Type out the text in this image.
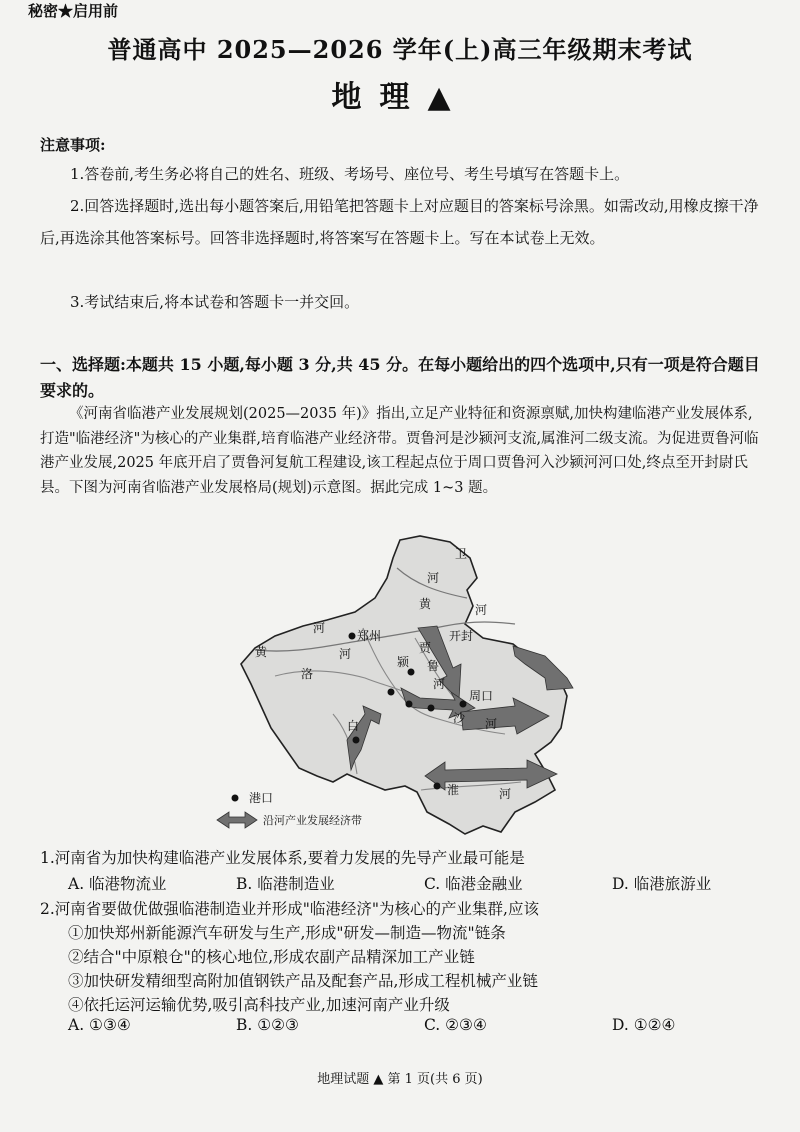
秘密★启用前
普通高中 2025—2026 学年(上)高三年级期末考试
地理▲
注意事项:
1.答卷前,考生务必将自己的姓名、班级、考场号、座位号、考生号填写在答题卡上。
2.回答选择题时,选出每小题答案后,用铅笔把答题卡上对应题目的答案标号涂黑。如需改动,用橡皮擦干净后,再选涂其他答案标号。回答非选择题时,将答案写在答题卡上。写在本试卷上无效。
3.考试结束后,将本试卷和答题卡一并交回。
一、选择题:本题共 15 小题,每小题 3 分,共 45 分。在每小题给出的四个选项中,只有一项是符合题目要求的。
《河南省临港产业发展规划(2025—2035 年)》指出,立足产业特征和资源禀赋,加快构建临港产业发展体系,打造"临港经济"为核心的产业集群,培育临港产业经济带。贾鲁河是沙颍河支流,属淮河二级支流。为促进贾鲁河临港产业发展,2025 年底开启了贾鲁河复航工程建设,该工程起点位于周口贾鲁河入沙颍河河口处,终点至开封尉氏县。下图为河南省临港产业发展格局(规划)示意图。据此完成 1~3 题。
卫
河
黄	河
郑州	开封
黄
河
颍
洛
贾
鲁
河
河
周口
沙 河
白
淮	河
港口
沿河产业发展经济带
1.河南省为加快构建临港产业发展体系,要着力发展的先导产业最可能是
A. 临港物流业	B. 临港制造业	C. 临港金融业	D. 临港旅游业
2.河南省要做优做强临港制造业并形成"临港经济"为核心的产业集群,应该
①加快郑州新能源汽车研发与生产,形成"研发—制造—物流"链条
②结合"中原粮仓"的核心地位,形成农副产品精深加工产业链
③加快研发精细型高附加值钢铁产品及配套产品,形成工程机械产业链
④依托运河运输优势,吸引高科技产业,加速河南产业升级
A. ①③④	B. ①②③	C. ②③④	D. ①②④
地理试题 ▲ 第 1 页(共 6 页)
